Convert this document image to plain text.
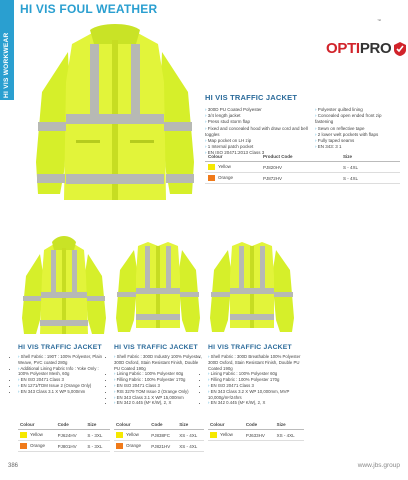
HI VIS WORKWEAR
HI VIS FOUL WEATHER
™
OPTI PRO
HI VIS TRAFFIC JACKET
› 300D PU Coated Polyester
› 3/4 length jacket
› Press stud storm flap
› Fixed and concealed hood with draw cord and bell toggles
› Map pocket on LH zip
› 1 Internal patch pocket
› EN ISO 20471:2013 Class 3
› Polyester quilted lining
› Concealed open ended front zip fastening
› Sewn on reflective tape
› 2 lower welt pockets with flaps
› Fully taped seams
› EN 343: 3 1
Colour	Product Code	Size
Yellow	PJ820HV	S - 4XL
Orange	PJ872HV	S - 4XL
HI VIS TRAFFIC JACKET
› • Shell Fabric : 190T : 100% Polyester, Plain Weave, PVC coated 280g
› • Additional Lining Fabric Info : Yoke Only : 100% Polyester Mesh, 60g
› • EN ISO 20471 Class 3
› • EN 1271/TDM Issue 2 (Orange Only)
› • EN 343 Class 3.1 X WP 5,000mm
Colour	Code	Size
Yellow	PJ624HV	S - 3XL
Orange	PJ801HV	S - 3XL
HI VIS TRAFFIC JACKET
› • Shell Fabric : 300D Industry 100% Polyester, 300D Oxford, Stain Resistant Finish, Double PU Coated 190g
› • Lining Fabric : 100% Polyester 60g
› • Filling Fabric : 100% Polyester 170g
› • EN ISO 20471 Class 3
› • RIS 3279 TOM Issue 2 (Orange Only)
› • EN 343 Class 3.1 X WP 15,000mm
› • EN 342 0.445 (M² K/W), 2, X
Colour	Code	Size
Yellow	PJ838FC	XS - 4XL
Orange	PJ821HV	XS - 4XL
HI VIS TRAFFIC JACKET
› • Shell Fabric : 300D Breathable 100% Polyester 300D Oxford, Stain Resistant Finish, Double PU Coated 190g
› • Lining Fabric : 100% Polyester 60g
› • Filling Fabric : 100% Polyester 170g
› • EN ISO 20471 Class 3
› • EN 343 Class 3.2 X WP 10,000mm, MVP 10,000g/m²/24hrs
› • EN 342 0.445 (M² K/W), 2, X
Colour	Code	Size
Yellow	PJ633HV	XS - 4XL
386	www.jbs.group
